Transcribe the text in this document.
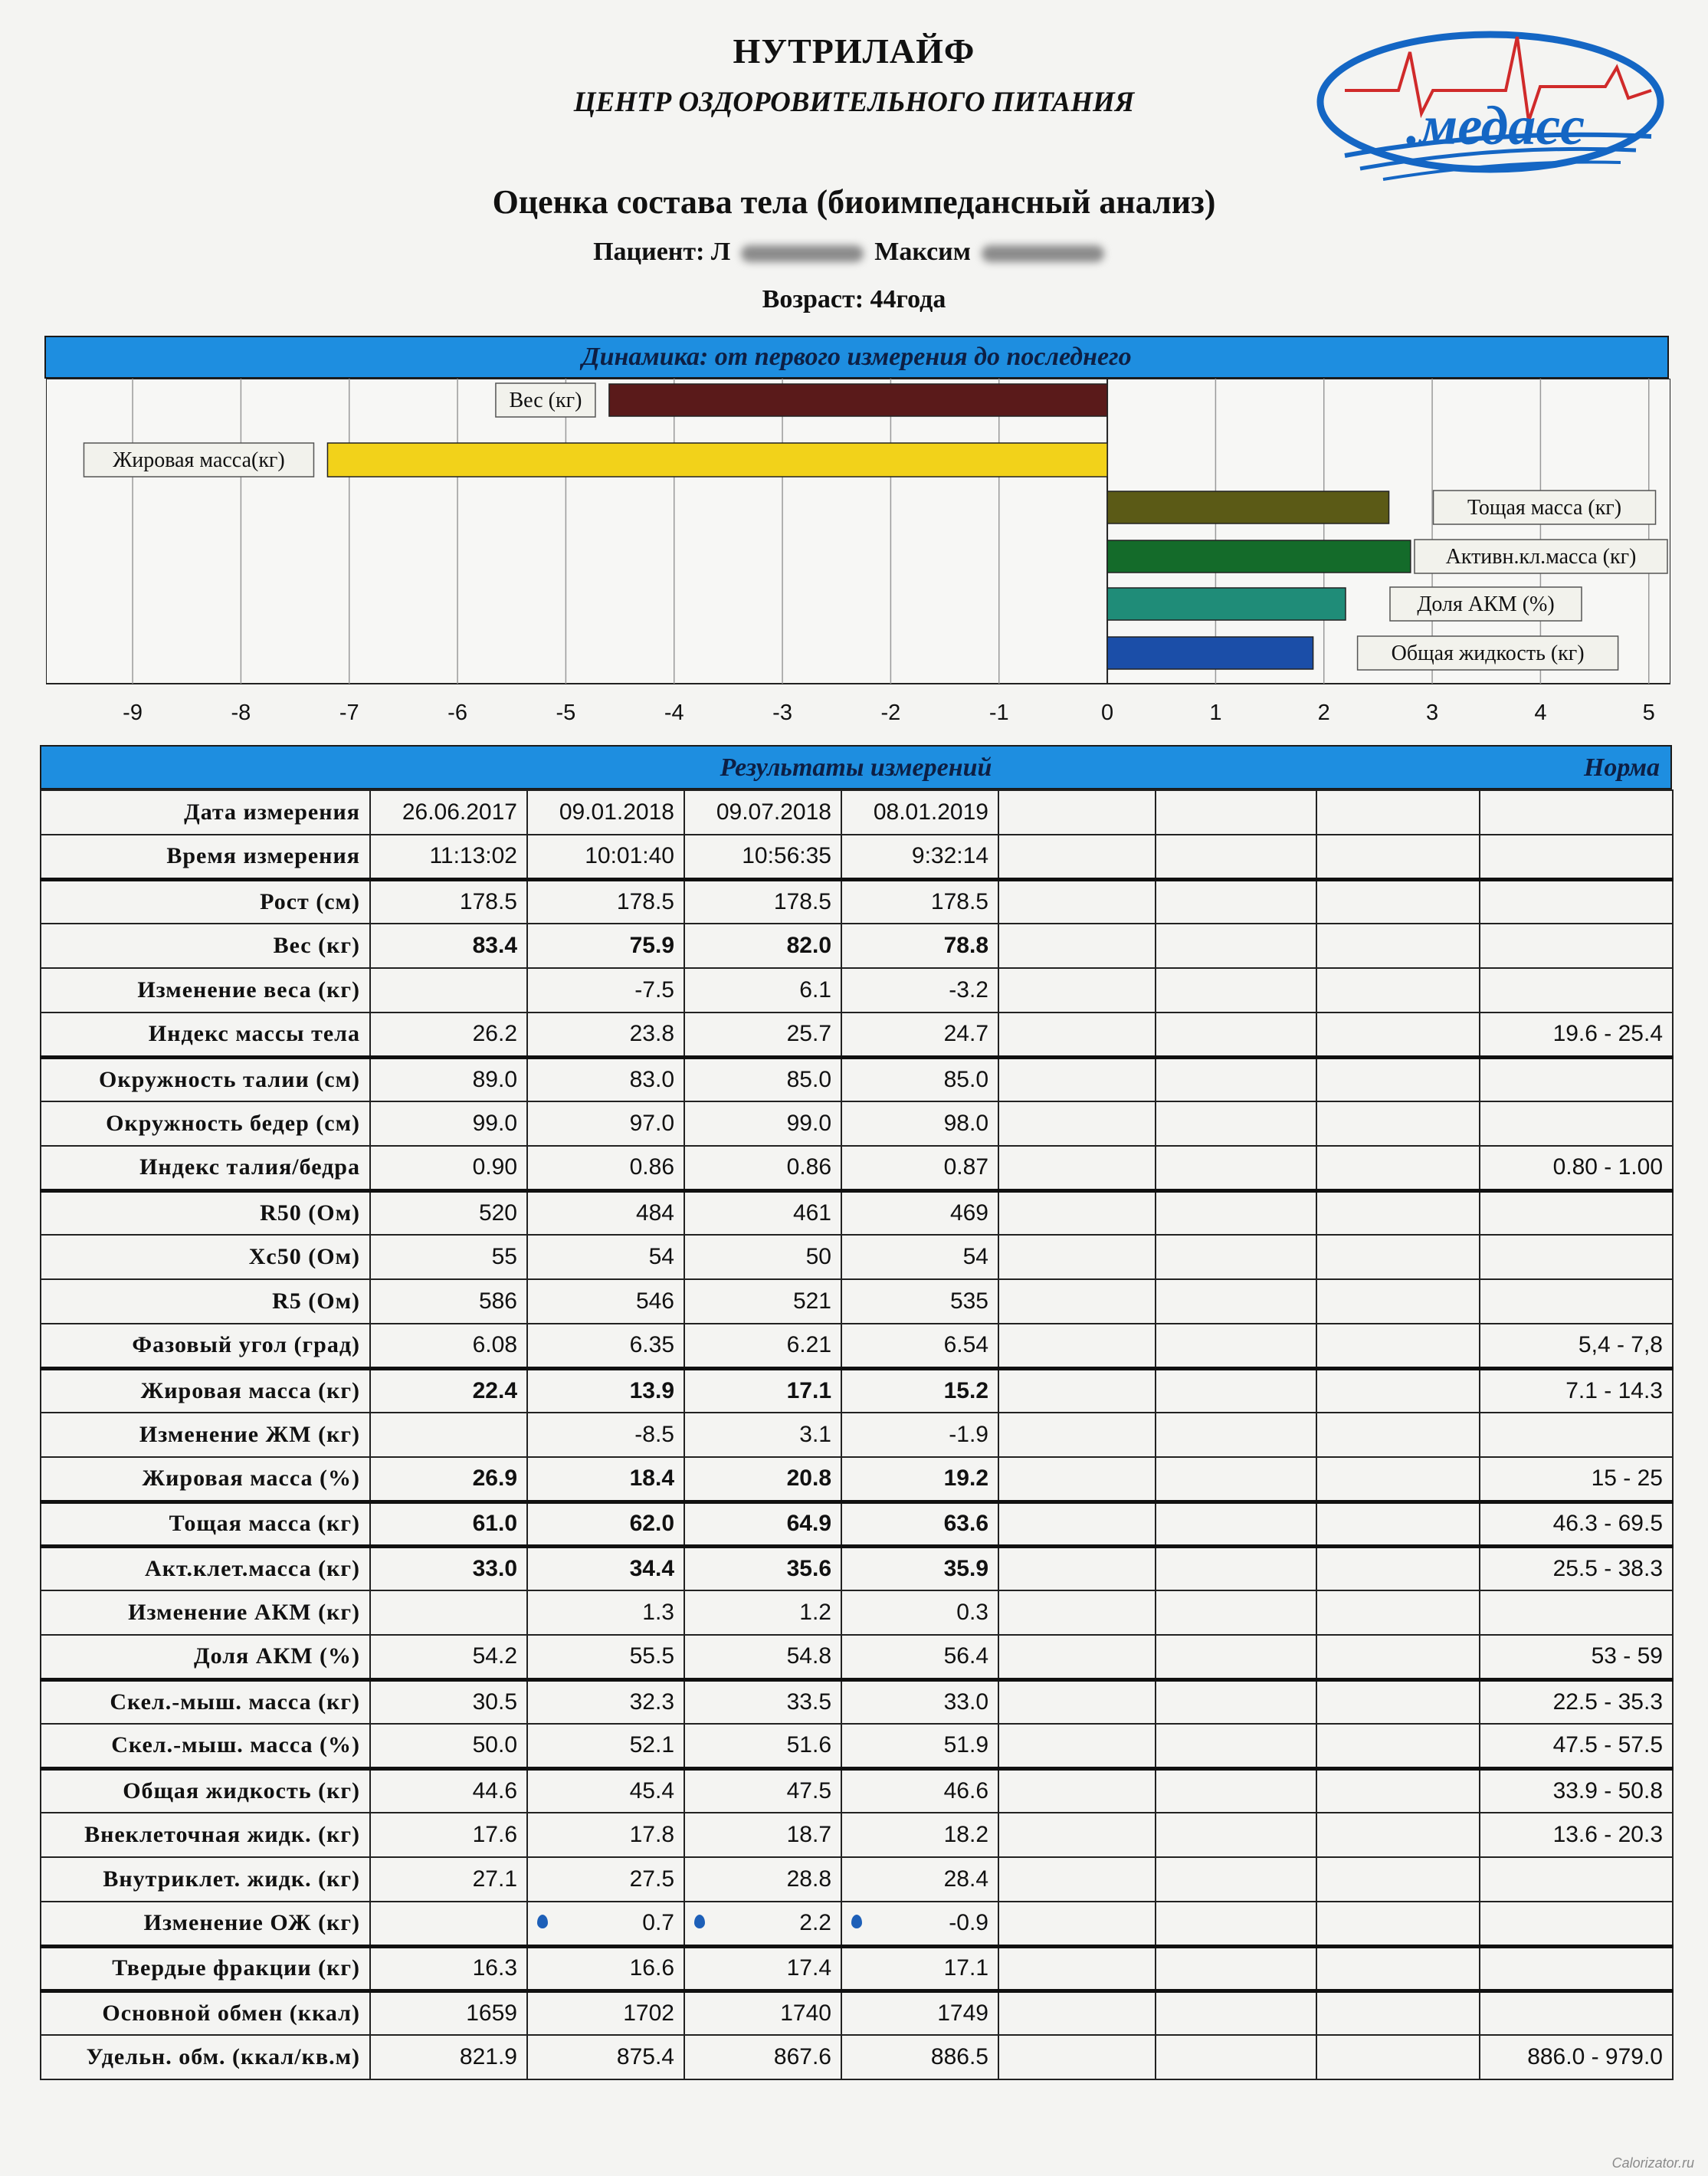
НУТРИЛАЙФ
ЦЕНТР ОЗДОРОВИТЕЛЬНОГО ПИТАНИЯ	.медасс
Оценка состава тела (биоимпедансный анализ)
Пациент: Л	Максим
Возраст: 44года
Динамика: от первого измерения до последнего
Вес (кг)
Жировая масса(кг)
Тощая масса (кг)
Активн.кл.масса (кг)
Доля АКМ (%)
Общая жидкость (кг)
-9	-8	-7	-6	-5	-4	-3	-2	-1	0	1	2	3	4	5
Результаты измерений	Норма
Дата измерения	26.06.2017	09.01.2018	09.07.2018	08.01.2019				
Время измерения	11:13:02	10:01:40	10:56:35	9:32:14				
Рост (см)	178.5	178.5	178.5	178.5				
Вес (кг)	83.4	75.9	82.0	78.8				
Изменение веса (кг)		-7.5	6.1	-3.2				
Индекс массы тела	26.2	23.8	25.7	24.7				19.6 - 25.4
Окружность талии (см)	89.0	83.0	85.0	85.0				
Окружность бедер (см)	99.0	97.0	99.0	98.0				
Индекс талия/бедра	0.90	0.86	0.86	0.87				0.80 - 1.00
R50 (Ом)	520	484	461	469				
Xc50 (Ом)	55	54	50	54				
R5 (Ом)	586	546	521	535				
Фазовый угол (град)	6.08	6.35	6.21	6.54				5,4 - 7,8
Жировая масса (кг)	22.4	13.9	17.1	15.2				7.1 - 14.3
Изменение ЖМ (кг)		-8.5	3.1	-1.9				
Жировая масса (%)	26.9	18.4	20.8	19.2				15 - 25
Тощая масса (кг)	61.0	62.0	64.9	63.6				46.3 - 69.5
Акт.клет.масса (кг)	33.0	34.4	35.6	35.9				25.5 - 38.3
Изменение АКМ (кг)		1.3	1.2	0.3				
Доля АКМ (%)	54.2	55.5	54.8	56.4				53 - 59
Скел.-мыш. масса (кг)	30.5	32.3	33.5	33.0				22.5 - 35.3
Скел.-мыш. масса (%)	50.0	52.1	51.6	51.9				47.5 - 57.5
Общая жидкость (кг)	44.6	45.4	47.5	46.6				33.9 - 50.8
Внеклеточная жидк. (кг)	17.6	17.8	18.7	18.2				13.6 - 20.3
Внутриклет. жидк. (кг)	27.1	27.5	28.8	28.4				
Изменение ОЖ (кг)		0.7	2.2	-0.9				
Твердые фракции (кг)	16.3	16.6	17.4	17.1				
Основной обмен (ккал)	1659	1702	1740	1749				
Удельн. обм. (ккал/кв.м)	821.9	875.4	867.6	886.5				886.0 - 979.0
Calorizator.ru
